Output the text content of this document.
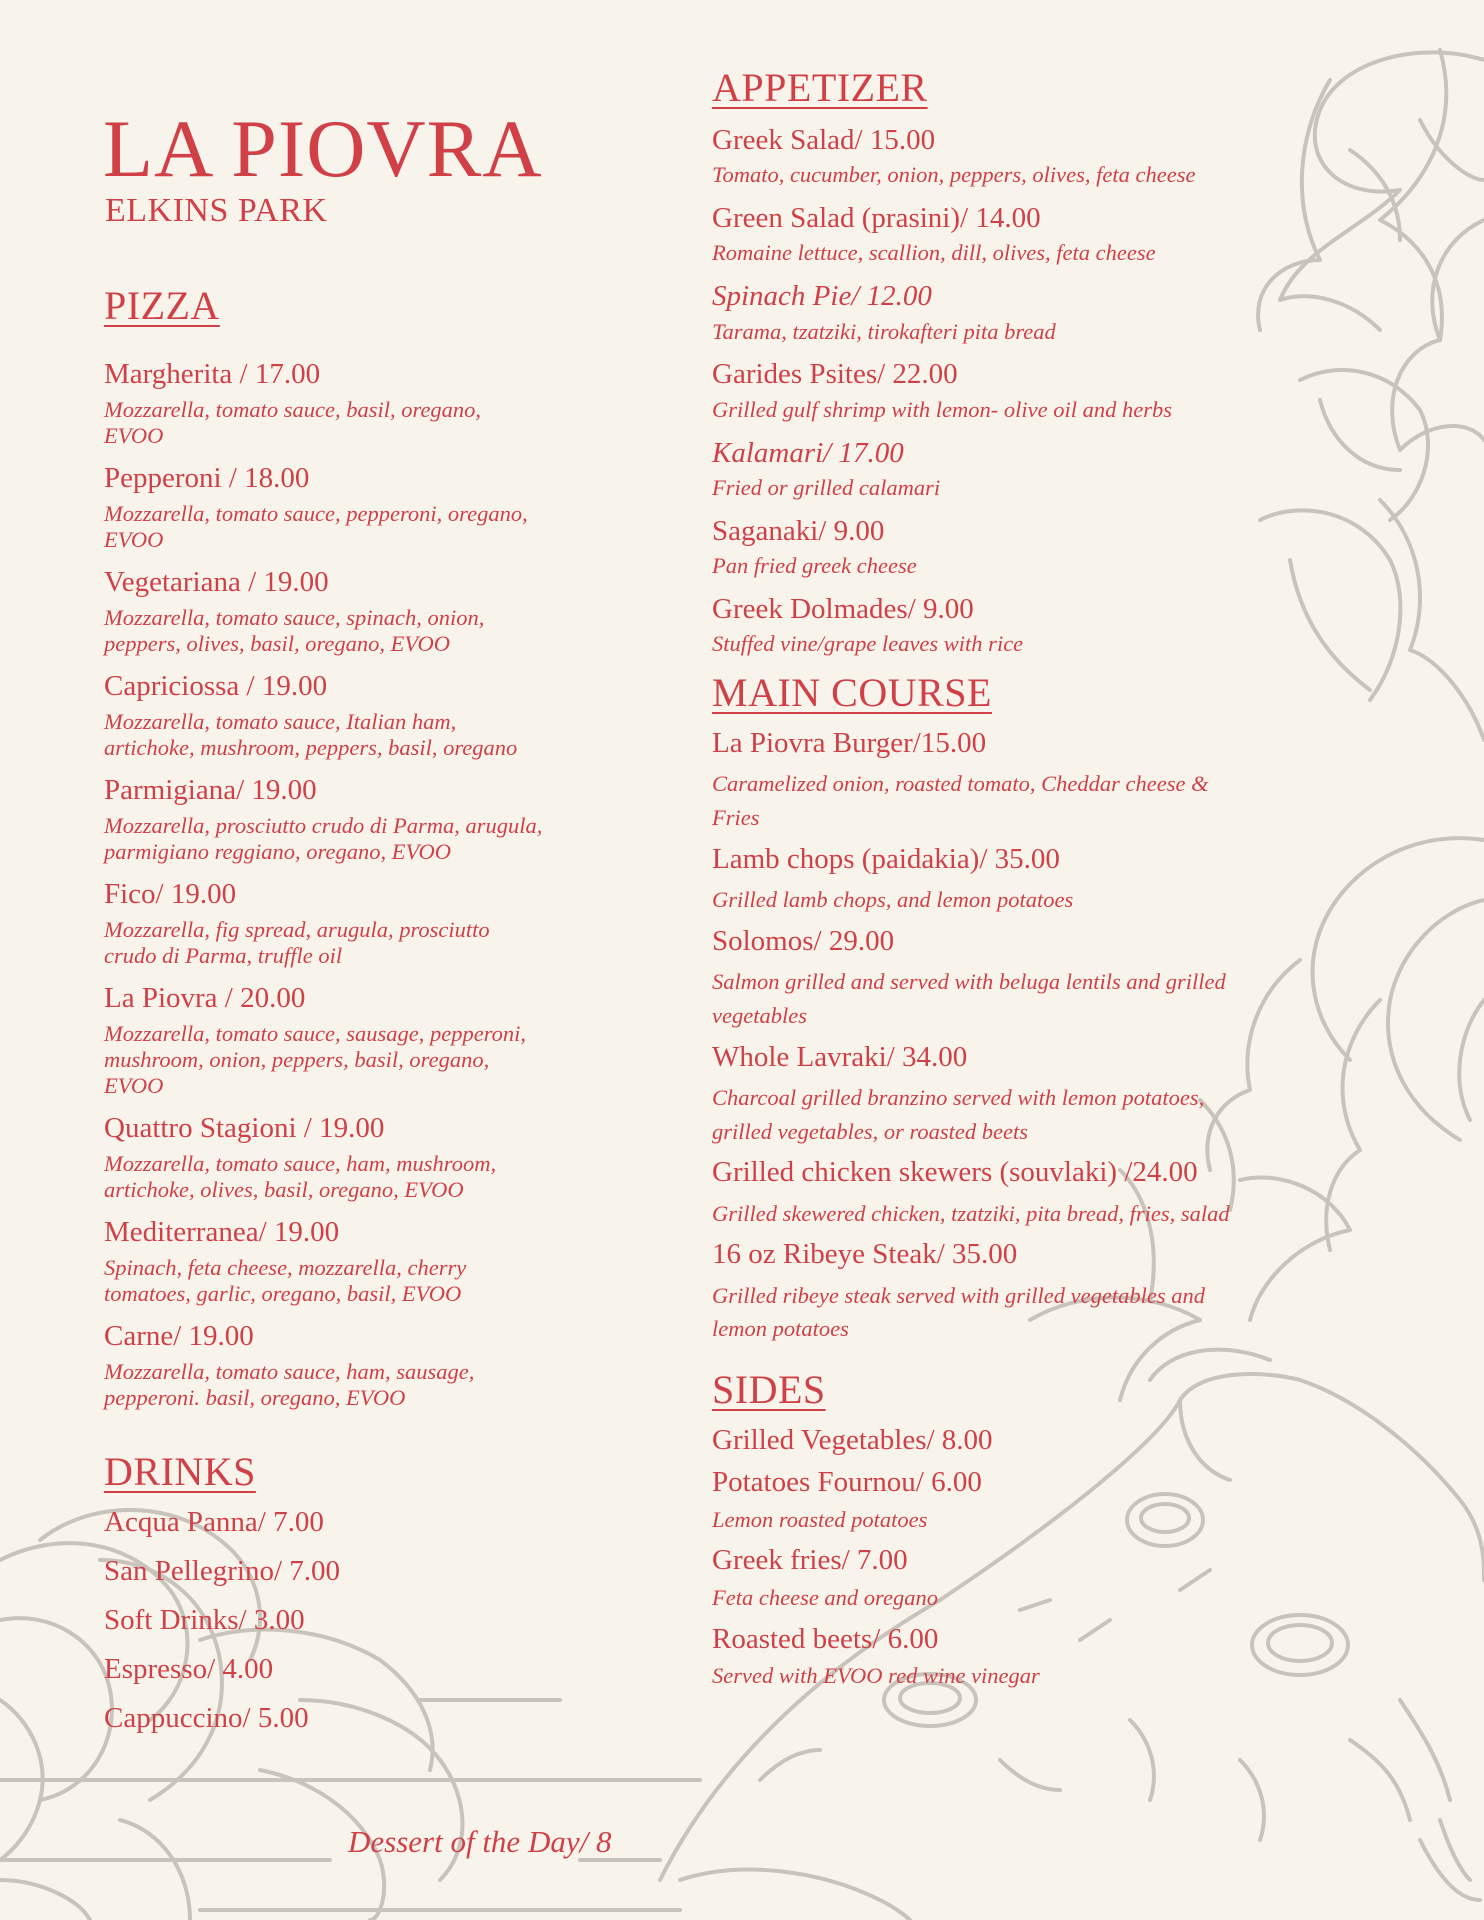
LA PIOVRA
ELKINS PARK
PIZZA
Margherita / 17.00
Mozzarella, tomato sauce, basil, oregano, EVOO
Pepperoni / 18.00
Mozzarella, tomato sauce, pepperoni, oregano, EVOO
Vegetariana / 19.00
Mozzarella, tomato sauce, spinach, onion, peppers, olives, basil, oregano, EVOO
Capriciossa / 19.00
Mozzarella, tomato sauce, Italian ham, artichoke, mushroom, peppers, basil, oregano
Parmigiana/ 19.00
Mozzarella, prosciutto crudo di Parma, arugula, parmigiano reggiano, oregano, EVOO
Fico/ 19.00
Mozzarella, fig spread, arugula, prosciutto crudo di Parma, truffle oil
La Piovra / 20.00
Mozzarella, tomato sauce, sausage, pepperoni, mushroom, onion, peppers, basil, oregano, EVOO
Quattro Stagioni / 19.00
Mozzarella, tomato sauce, ham, mushroom, artichoke, olives, basil, oregano, EVOO
Mediterranea/ 19.00
Spinach, feta cheese, mozzarella, cherry tomatoes, garlic, oregano, basil, EVOO
Carne/ 19.00
Mozzarella, tomato sauce, ham, sausage, pepperoni. basil, oregano, EVOO
DRINKS
Acqua Panna/ 7.00
San Pellegrino/ 7.00
Soft Drinks/ 3.00
Espresso/ 4.00
Cappuccino/ 5.00
APPETIZER
Greek Salad/ 15.00
Tomato, cucumber, onion, peppers, olives, feta cheese
Green Salad (prasini)/ 14.00
Romaine lettuce, scallion, dill, olives, feta cheese
Spinach Pie/ 12.00
Tarama, tzatziki, tirokafteri pita bread
Garides Psites/ 22.00
Grilled gulf shrimp with lemon- olive oil and herbs
Kalamari/ 17.00
Fried or grilled calamari
Saganaki/ 9.00
Pan fried greek cheese
Greek Dolmades/ 9.00
Stuffed vine/grape leaves with rice
MAIN COURSE
La Piovra Burger/15.00
Caramelized onion, roasted tomato, Cheddar cheese & Fries
Lamb chops (paidakia)/ 35.00
Grilled lamb chops, and lemon potatoes
Solomos/ 29.00
Salmon grilled and served with beluga lentils and grilled vegetables
Whole Lavraki/ 34.00
Charcoal grilled branzino served with lemon potatoes, grilled vegetables, or roasted beets
Grilled chicken skewers (souvlaki) /24.00
Grilled skewered chicken, tzatziki, pita bread, fries, salad
16 oz Ribeye Steak/ 35.00
Grilled ribeye steak served with grilled vegetables and lemon potatoes
SIDES
Grilled Vegetables/ 8.00
Potatoes Fournou/ 6.00
Lemon roasted potatoes
Greek fries/ 7.00
Feta cheese and oregano
Roasted beets/ 6.00
Served with EVOO red wine vinegar
Dessert of the Day/ 8
